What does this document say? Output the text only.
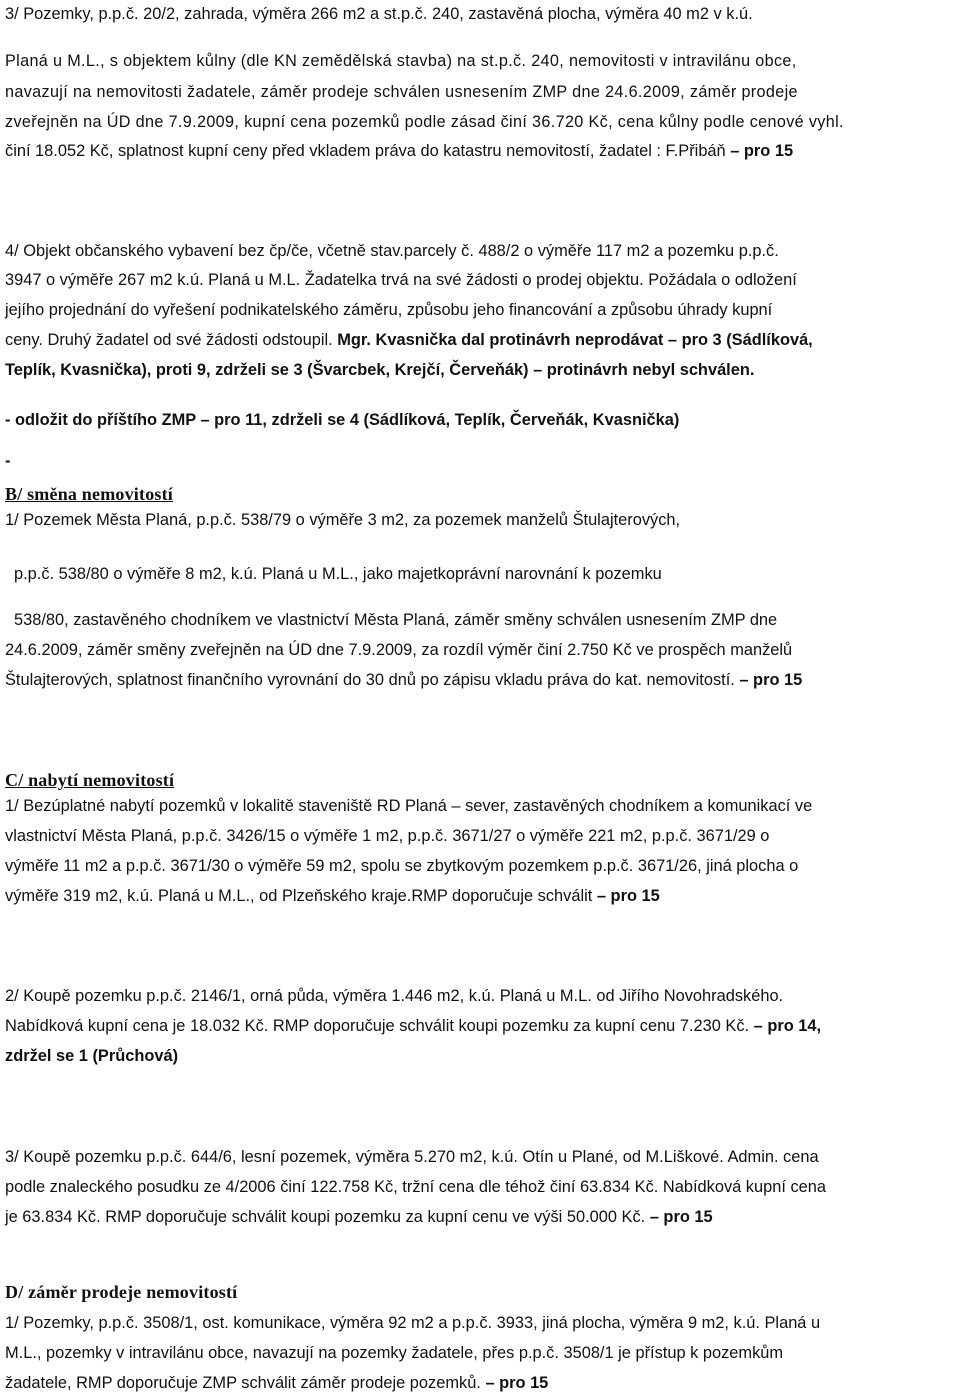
3/ Pozemky, p.p.č. 20/2, zahrada, výměra 266 m2 a st.p.č. 240, zastavěná plocha, výměra 40 m2 v k.ú.
Planá u M.L., s objektem kůlny (dle KN zemědělská stavba) na st.p.č. 240, nemovitosti v intravilánu obce,
navazují na nemovitosti žadatele, záměr prodeje schválen usnesením ZMP dne 24.6.2009, záměr prodeje
zveřejněn na ÚD dne 7.9.2009, kupní cena pozemků podle zásad činí 36.720 Kč, cena kůlny podle cenové vyhl.
činí 18.052 Kč, splatnost kupní ceny před vkladem práva do katastru nemovitostí, žadatel : F.Přibáň – pro 15
4/ Objekt občanského vybavení bez čp/če, včetně stav.parcely č. 488/2 o výměře 117 m2 a pozemku p.p.č.
3947 o výměře 267 m2 k.ú. Planá u M.L. Žadatelka trvá na své žádosti o prodej objektu. Požádala o odložení
jejího projednání do vyřešení podnikatelského záměru, způsobu jeho financování a způsobu úhrady kupní
ceny. Druhý žadatel od své žádosti odstoupil. Mgr. Kvasnička dal protinávrh neprodávat – pro 3 (Sádlíková,
Teplík, Kvasnička), proti 9, zdrželi se 3 (Švarcbek, Krejčí, Červeňák) – protinávrh nebyl schválen.
- odložit do příštího ZMP – pro 11, zdrželi se 4 (Sádlíková, Teplík, Červeňák, Kvasnička)
-
B/ směna nemovitostí
1/ Pozemek Města Planá, p.p.č. 538/79 o výměře 3 m2, za pozemek manželů Štulajterových,
p.p.č. 538/80 o výměře 8 m2, k.ú. Planá u M.L., jako majetkoprávní narovnání k pozemku
538/80, zastavěného chodníkem ve vlastnictví Města Planá, záměr směny schválen usnesením ZMP dne
24.6.2009, záměr směny zveřejněn na ÚD dne 7.9.2009, za rozdíl výměr činí 2.750 Kč ve prospěch manželů
Štulajterových, splatnost finančního vyrovnání do 30 dnů po zápisu vkladu práva do kat. nemovitostí. – pro 15
C/ nabytí nemovitostí
1/ Bezúplatné nabytí pozemků v lokalitě staveniště RD Planá – sever, zastavěných chodníkem a komunikací ve
vlastnictví Města Planá, p.p.č. 3426/15 o výměře 1 m2, p.p.č. 3671/27 o výměře 221 m2, p.p.č. 3671/29 o
výměře 11 m2 a p.p.č. 3671/30 o výměře 59 m2, spolu se zbytkovým pozemkem p.p.č. 3671/26, jiná plocha o
výměře 319 m2, k.ú. Planá u M.L., od Plzeňského kraje.RMP doporučuje schválit – pro 15
2/ Koupě pozemku p.p.č. 2146/1, orná půda, výměra 1.446 m2, k.ú. Planá u M.L. od Jiřího Novohradského.
Nabídková kupní cena je 18.032 Kč. RMP doporučuje schválit koupi pozemku za kupní cenu 7.230 Kč. – pro 14,
zdržel se 1 (Průchová)
3/ Koupě pozemku p.p.č. 644/6, lesní pozemek, výměra 5.270 m2, k.ú. Otín u Plané, od M.Liškové. Admin. cena
podle znaleckého posudku ze 4/2006 činí 122.758 Kč, tržní cena dle téhož činí 63.834 Kč. Nabídková kupní cena
je 63.834 Kč. RMP doporučuje schválit koupi pozemku za kupní cenu ve výši 50.000 Kč. – pro 15
D/ záměr prodeje nemovitostí
1/ Pozemky, p.p.č. 3508/1, ost. komunikace, výměra 92 m2 a p.p.č. 3933, jiná plocha, výměra 9 m2, k.ú. Planá u
M.L., pozemky v intravilánu obce, navazují na pozemky žadatele, přes p.p.č. 3508/1 je přístup k pozemkům
žadatele, RMP doporučuje ZMP schválit záměr prodeje pozemků. – pro 15
